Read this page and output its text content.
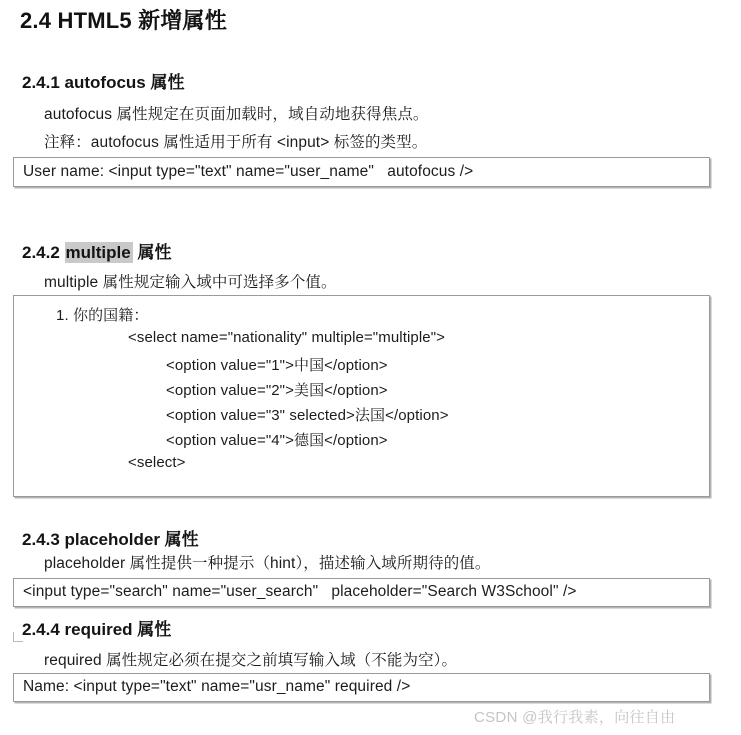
2.4 HTML5 新增属性
2.4.1 autofocus 属性
autofocus 属性规定在页面加载时，域自动地获得焦点。
注释：autofocus 属性适用于所有 <input> 标签的类型。
User name: <input type="text" name="user_name"   autofocus />
2.4.2 multiple 属性
multiple 属性规定输入域中可选择多个值。
1. 你的国籍：
<select name="nationality" multiple="multiple">
<option value="1">中国</option>
<option value="2">美国</option>
<option value="3" selected>法国</option>
<option value="4">德国</option>
<select>
2.4.3 placeholder 属性
placeholder 属性提供一种提示（hint），描述输入域所期待的值。
<input type="search" name="user_search"   placeholder="Search W3School" />
2.4.4 required 属性
required 属性规定必须在提交之前填写输入域（不能为空）。
Name: <input type="text" name="usr_name" required />
CSDN @我行我素，向往自由
